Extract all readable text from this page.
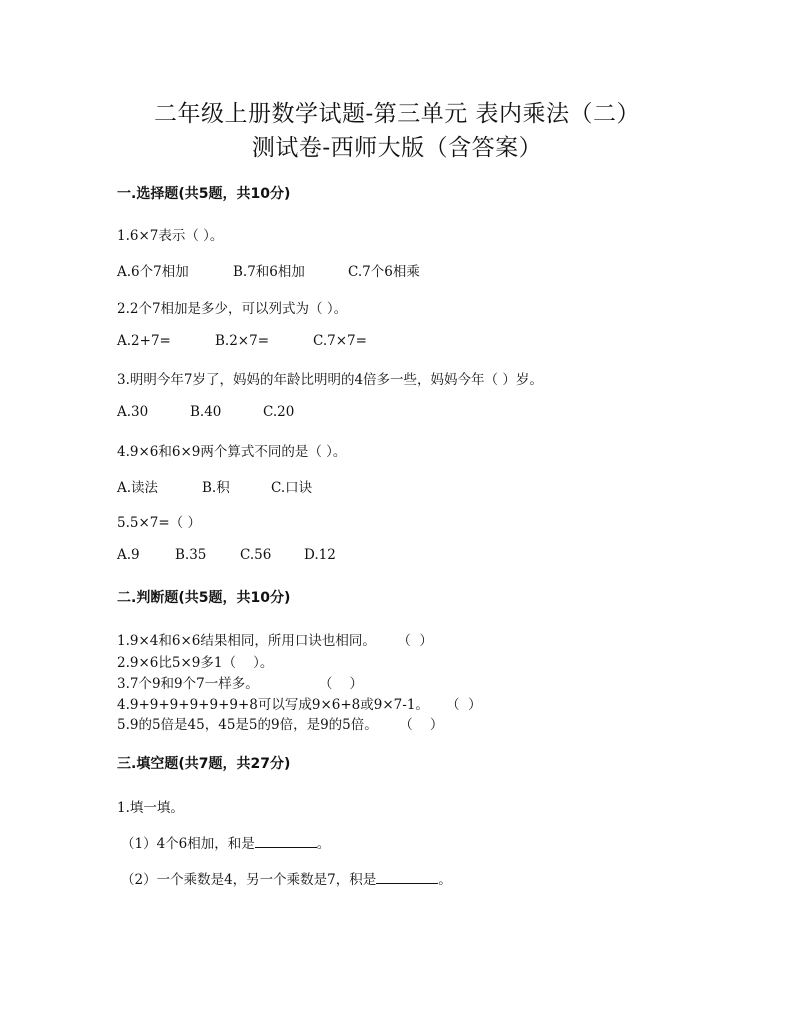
二年级上册数学试题-第三单元 表内乘法（二）
测试卷-西师大版（含答案）
一.选择题(共5题，共10分)
1.6×7表示（ ）。
A.6个7相加	B.7和6相加	C.7个6相乘
2.2个7相加是多少，可以列式为（ ）。
A.2+7=	B.2×7=	C.7×7=
3.明明今年7岁了，妈妈的年龄比明明的4倍多一些，妈妈今年（ ）岁。
A.30	B.40	C.20
4.9×6和6×9两个算式不同的是（ ）。
A.读法	B.积	C.口诀
5.5×7=（ ）
A.9	B.35 C.56 D.12
二.判断题(共5题，共10分)
1.9×4和6×6结果相同，所用口诀也相同。     （  ）
2.9×6比5×9多1（    ）。
3.7个9和9个7一样多。              （    ）
4.9+9+9+9+9+9+8可以写成9×6+8或9×7-1。    （  ）
5.9的5倍是45，45是5的9倍，是9的5倍。     （    ）
三.填空题(共7题，共27分)
1.填一填。
（1）4个6相加，和是	。
（2）一个乘数是4，另一个乘数是7，积是	。
